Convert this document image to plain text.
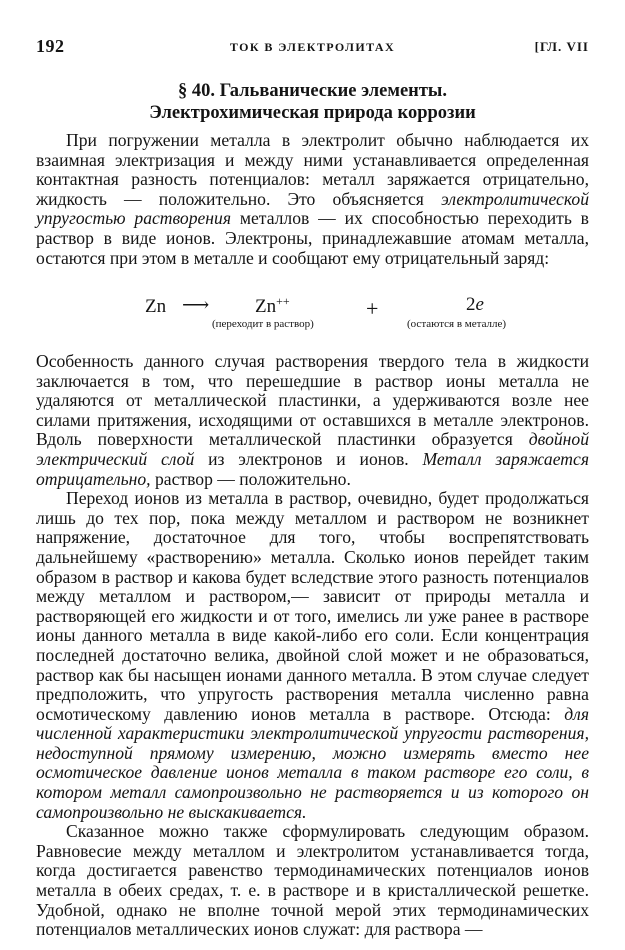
192	ТОК В ЭЛЕКТРОЛИТАХ	[ГЛ. VII
§ 40. Гальванические элементы.
Электрохимическая природа коррозии

При погружении металла в электролит обычно наблюдается их взаимная электризация и между ними устанавливается определенная контактная разность потенциалов: металл заряжается отрицательно, жидкость — положительно. Это объясняется электролитической упругостью растворения металлов — их способностью переходить в раствор в виде ионов. Электроны, принадлежавшие атомам металла, остаются при этом в металле и сообщают ему отрицательный заряд:

Zn ⟶ Zn++	+	2e
(переходит в раствор)	(остаются в металле)

Особенность данного случая растворения твердого тела в жидкости заключается в том, что перешедшие в раствор ионы металла не удаляются от металлической пластинки, а удерживаются возле нее силами притяжения, исходящими от оставшихся в металле электронов. Вдоль поверхности металлической пластинки образуется двойной электрический слой из электронов и ионов. Металл заряжается отрицательно, раствор — положительно.

Переход ионов из металла в раствор, очевидно, будет продолжаться лишь до тех пор, пока между металлом и раствором не возникнет напряжение, достаточное для того, чтобы воспрепятствовать дальнейшему «растворению» металла. Сколько ионов перейдет таким образом в раствор и какова будет вследствие этого разность потенциалов между металлом и раствором,— зависит от природы металла и растворяющей его жидкости и от того, имелись ли уже ранее в растворе ионы данного металла в виде какой-либо его соли. Если концентрация последней достаточно велика, двойной слой может и не образоваться, раствор как бы насыщен ионами данного металла. В этом случае следует предположить, что упругость растворения металла численно равна осмотическому давлению ионов металла в растворе. Отсюда: для численной характеристики электролитической упругости растворения, недоступной прямому измерению, можно измерять вместо нее осмотическое давление ионов металла в таком растворе его соли, в котором металл самопроизвольно не растворяется и из которого он самопроизвольно не выскакивается.

Сказанное можно также сформулировать следующим образом. Равновесие между металлом и электролитом устанавливается тогда, когда достигается равенство термодинамических потенциалов ионов металла в обеих средах, т. е. в растворе и в кристаллической решетке. Удобной, однако не вполне точной мерой этих термодинамических потенциалов металлических ионов служат: для раствора —
